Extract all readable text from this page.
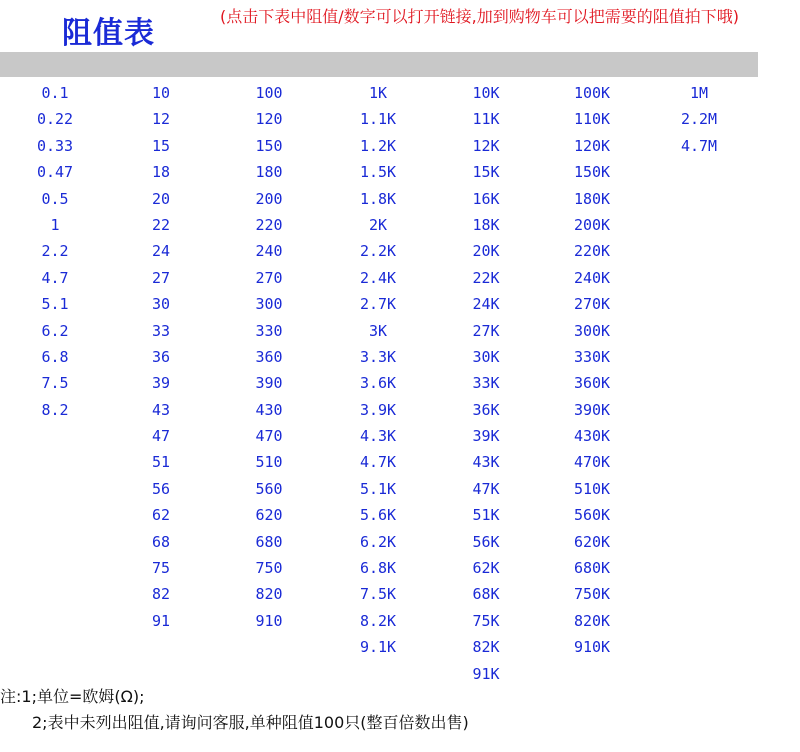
阻值表	(点击下表中阻值/数字可以打开链接,加到购物车可以把需要的阻值拍下哦)
0.1
0.22
0.33
0.47
0.5
1
2.2
4.7
5.1
6.2
6.8
7.5
8.2
10
12
15
18
20
22
24
27
30
33
36
39
43
47
51
56
62
68
75
82
91
100
120
150
180
200
220
240
270
300
330
360
390
430
470
510
560
620
680
750
820
910
1K
1.1K
1.2K
1.5K
1.8K
2K
2.2K
2.4K
2.7K
3K
3.3K
3.6K
3.9K
4.3K
4.7K
5.1K
5.6K
6.2K
6.8K
7.5K
8.2K
9.1K
10K
11K
12K
15K
16K
18K
20K
22K
24K
27K
30K
33K
36K
39K
43K
47K
51K
56K
62K
68K
75K
82K
91K
100K
110K
120K
150K
180K
200K
220K
240K
270K
300K
330K
360K
390K
430K
470K
510K
560K
620K
680K
750K
820K
910K
1M
2.2M
4.7M
注:1;单位=欧姆(Ω);
2;表中未列出阻值,请询问客服,单种阻值100只(整百倍数出售)
